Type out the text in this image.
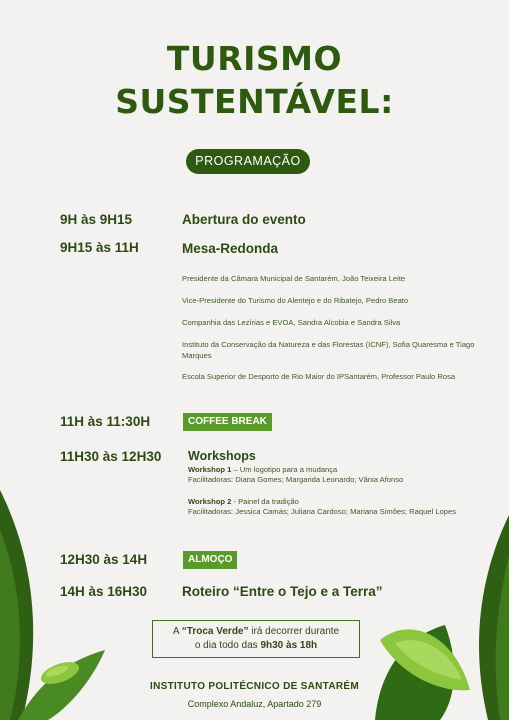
TURISMO
SUSTENTÁVEL:
PROGRAMAÇÃO
9H às 9H15	Abertura do evento
9H15 às 11H	Mesa-Redonda
Presidente da Câmara Municipal de Santarém, João Teixeira Leite
Vice-Presidente do Turismo do Alentejo e do Ribatejo, Pedro Beato
Companhia das Lezírias e EVOA, Sandra Alcobia e Sandra Silva
Instituto da Conservação da Natureza e das Florestas (ICNF), Sofia Quaresma e Tiago Marques
Escola Superior de Desporto de Rio Maior do IPSantarém, Professor Paulo Rosa
11H às 11:30H	COFFEE BREAK
11H30 às 12H30 Workshops
Workshop 1 – Um logotipo para a mudança
Facilitadoras: Diana Gomes; Margarida Leonardo; Vânia Afonso
Workshop 2 - Painel da tradição
Facilitadoras: Jessica Camás; Juliana Cardoso; Mariana Simões; Raquel Lopes
12H30 às 14H	ALMOÇO
14H às 16H30	Roteiro “Entre o Tejo e a Terra”
A “Troca Verde” irá decorrer durante
o dia todo das 9h30 às 18h
INSTITUTO POLITÉCNICO DE SANTARÉM
Complexo Andaluz, Apartado 279
